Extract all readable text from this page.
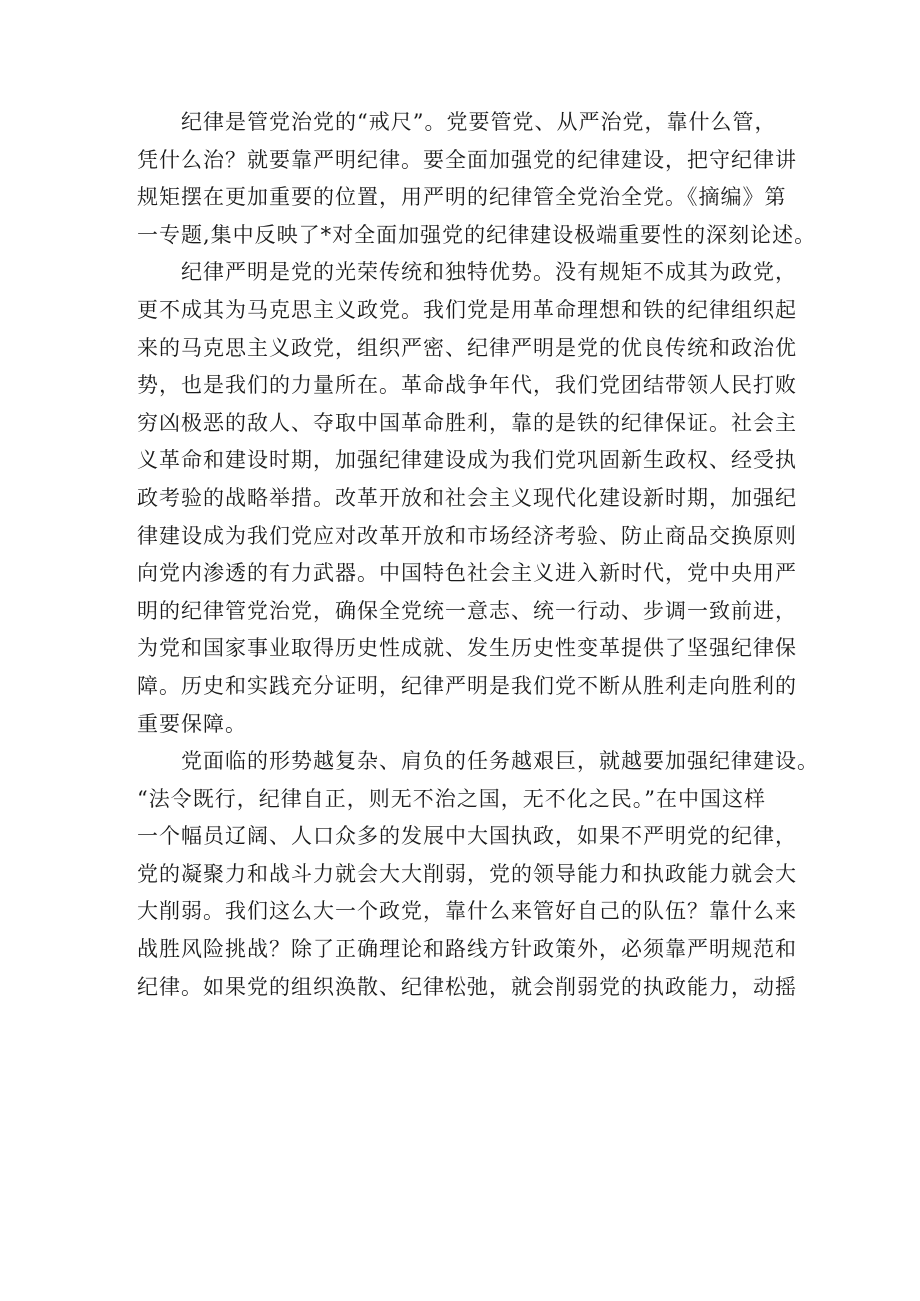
　　纪律是管党治党的“戒尺”。党要管党、从严治党，靠什么管，
凭什么治？就要靠严明纪律。要全面加强党的纪律建设，把守纪律讲
规矩摆在更加重要的位置，用严明的纪律管全党治全党。《摘编》第
一专题,集中反映了*对全面加强党的纪律建设极端重要性的深刻论述。
　　纪律严明是党的光荣传统和独特优势。没有规矩不成其为政党，
更不成其为马克思主义政党。我们党是用革命理想和铁的纪律组织起
来的马克思主义政党，组织严密、纪律严明是党的优良传统和政治优
势，也是我们的力量所在。革命战争年代，我们党团结带领人民打败
穷凶极恶的敌人、夺取中国革命胜利，靠的是铁的纪律保证。社会主
义革命和建设时期，加强纪律建设成为我们党巩固新生政权、经受执
政考验的战略举措。改革开放和社会主义现代化建设新时期，加强纪
律建设成为我们党应对改革开放和市场经济考验、防止商品交换原则
向党内渗透的有力武器。中国特色社会主义进入新时代，党中央用严
明的纪律管党治党，确保全党统一意志、统一行动、步调一致前进，
为党和国家事业取得历史性成就、发生历史性变革提供了坚强纪律保
障。历史和实践充分证明，纪律严明是我们党不断从胜利走向胜利的
重要保障。
　　党面临的形势越复杂、肩负的任务越艰巨，就越要加强纪律建设。
“法令既行，纪律自正，则无不治之国，无不化之民。”在中国这样
一个幅员辽阔、人口众多的发展中大国执政，如果不严明党的纪律，
党的凝聚力和战斗力就会大大削弱，党的领导能力和执政能力就会大
大削弱。我们这么大一个政党，靠什么来管好自己的队伍？靠什么来
战胜风险挑战？除了正确理论和路线方针政策外，必须靠严明规范和
纪律。如果党的组织涣散、纪律松弛，就会削弱党的执政能力，动摇
